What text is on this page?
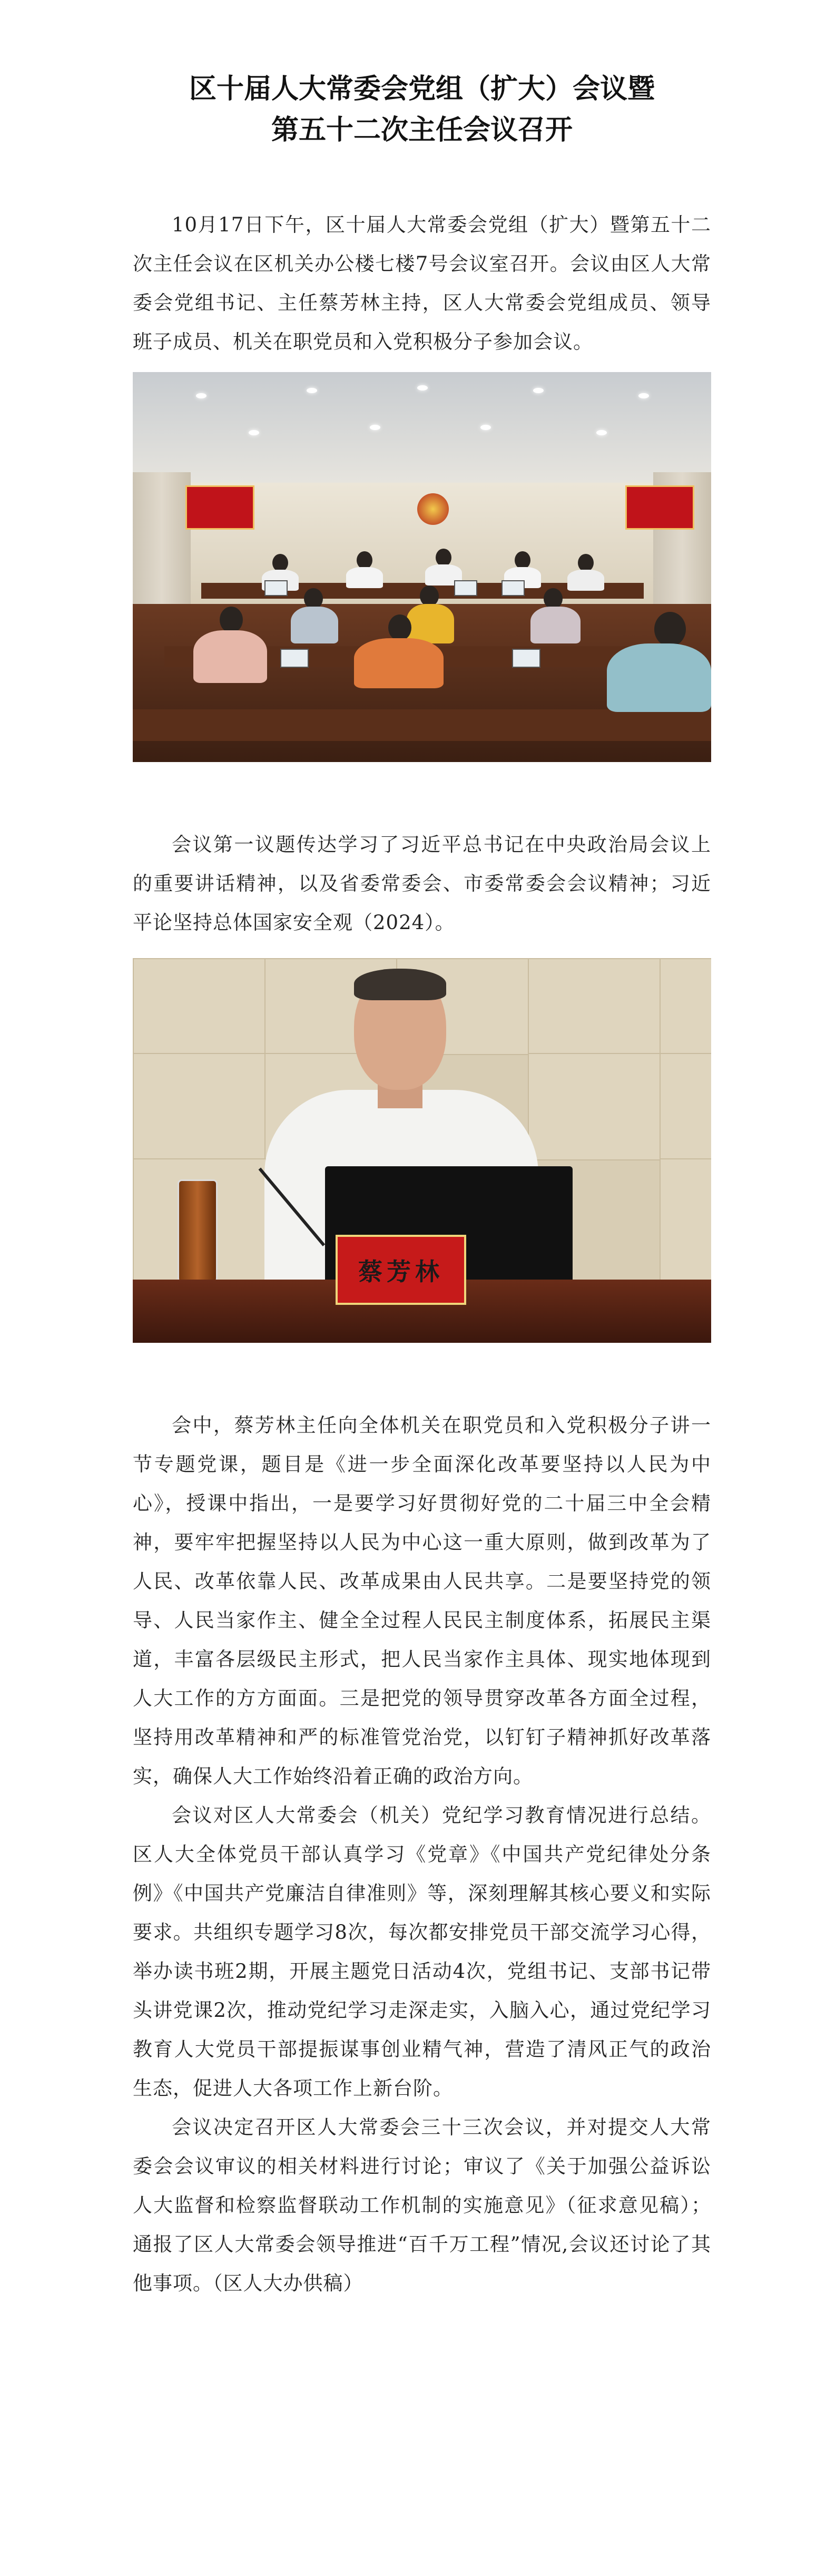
区十届人大常委会党组（扩大）会议暨
第五十二次主任会议召开

10月17日下午，区十届人大常委会党组（扩大）暨第五十二次主任会议在区机关办公楼七楼7号会议室召开。会议由区人大常委会党组书记、主任蔡芳林主持，区人大常委会党组成员、领导班子成员、机关在职党员和入党积极分子参加会议。

会议第一议题传达学习了习近平总书记在中央政治局会议上的重要讲话精神，以及省委常委会、市委常委会会议精神；习近平论坚持总体国家安全观（2024）。

蔡芳林

会中，蔡芳林主任向全体机关在职党员和入党积极分子讲一节专题党课，题目是《进一步全面深化改革要坚持以人民为中心》，授课中指出，一是要学习好贯彻好党的二十届三中全会精神，要牢牢把握坚持以人民为中心这一重大原则，做到改革为了人民、改革依靠人民、改革成果由人民共享。二是要坚持党的领导、人民当家作主、健全全过程人民民主制度体系，拓展民主渠道，丰富各层级民主形式，把人民当家作主具体、现实地体现到人大工作的方方面面。三是把党的领导贯穿改革各方面全过程，坚持用改革精神和严的标准管党治党，以钉钉子精神抓好改革落实，确保人大工作始终沿着正确的政治方向。

会议对区人大常委会（机关）党纪学习教育情况进行总结。区人大全体党员干部认真学习《党章》《中国共产党纪律处分条例》《中国共产党廉洁自律准则》等，深刻理解其核心要义和实际要求。共组织专题学习8次，每次都安排党员干部交流学习心得，举办读书班2期，开展主题党日活动4次，党组书记、支部书记带头讲党课2次，推动党纪学习走深走实，入脑入心，通过党纪学习教育人大党员干部提振谋事创业精气神，营造了清风正气的政治生态，促进人大各项工作上新台阶。

会议决定召开区人大常委会三十三次会议，并对提交人大常委会会议审议的相关材料进行讨论；审议了《关于加强公益诉讼人大监督和检察监督联动工作机制的实施意见》（征求意见稿）；通报了区人大常委会领导推进“百千万工程”情况,会议还讨论了其他事项。（区人大办供稿）
